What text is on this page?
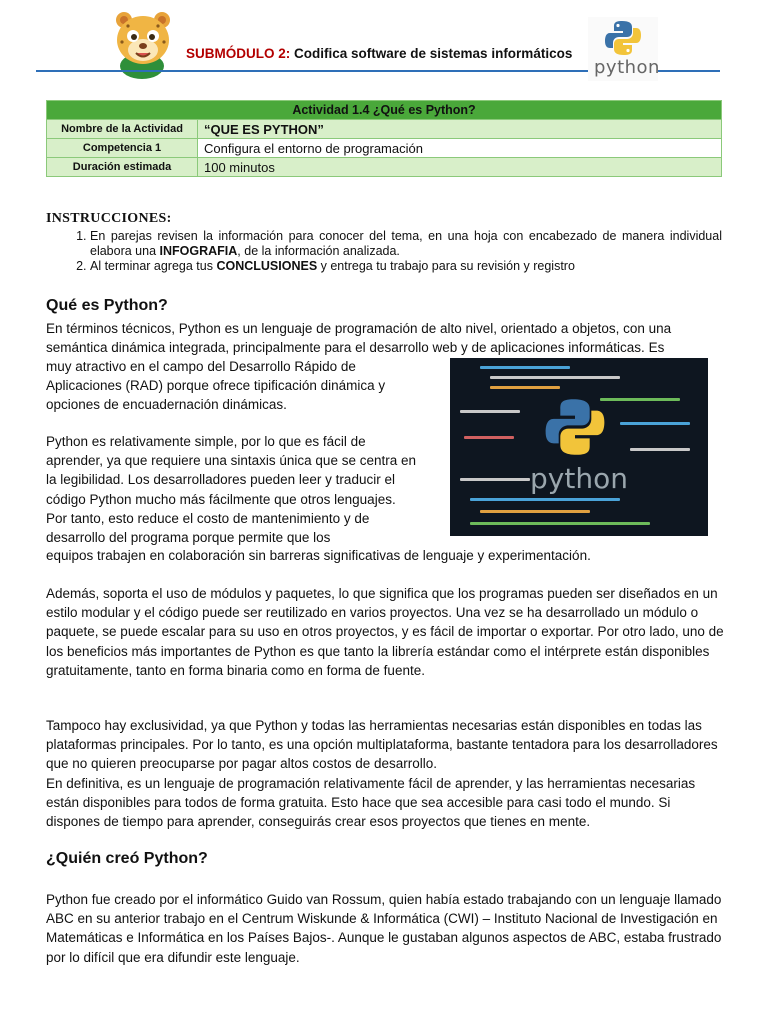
SUBMÓDULO 2: Codifica software de sistemas informáticos
python
Actividad 1.4 ¿Qué es Python?	
Nombre de la Actividad	“QUE ES PYTHON”
Competencia 1	Configura el entorno de programación
Duración estimada	100 minutos
INSTRUCCIONES:
1. En parejas revisen la información para conocer del tema, en una hoja con encabezado de manera individual elabora una INFOGRAFIA, de la información analizada.
2. Al terminar agrega tus CONCLUSIONES y entrega tu trabajo para su revisión y registro
Qué es Python?

En términos técnicos, Python es un lenguaje de programación de alto nivel, orientado a objetos, con una semántica dinámica integrada, principalmente para el desarrollo web y de aplicaciones informáticas. Es

muy atractivo en el campo del Desarrollo Rápido de Aplicaciones (RAD) porque ofrece tipificación dinámica y opciones de encuadernación dinámicas.

Python es relativamente simple, por lo que es fácil de aprender, ya que requiere una sintaxis única que se centra en la legibilidad. Los desarrolladores pueden leer y traducir el código Python mucho más fácilmente que otros lenguajes. Por tanto, esto reduce el costo de mantenimiento y de desarrollo del programa porque permite que los

equipos trabajen en colaboración sin barreras significativas de lenguaje y experimentación.

python

Además, soporta el uso de módulos y paquetes, lo que significa que los programas pueden ser diseñados en un estilo modular y el código puede ser reutilizado en varios proyectos. Una vez se ha desarrollado un módulo o paquete, se puede escalar para su uso en otros proyectos, y es fácil de importar o exportar. Por otro lado, uno de los beneficios más importantes de Python es que tanto la librería estándar como el intérprete están disponibles gratuitamente, tanto en forma binaria como en forma de fuente.

Tampoco hay exclusividad, ya que Python y todas las herramientas necesarias están disponibles en todas las plataformas principales. Por lo tanto, es una opción multiplataforma, bastante tentadora para los desarrolladores que no quieren preocuparse por pagar altos costos de desarrollo.

En definitiva, es un lenguaje de programación relativamente fácil de aprender, y las herramientas necesarias están disponibles para todos de forma gratuita. Esto hace que sea accesible para casi todo el mundo. Si dispones de tiempo para aprender, conseguirás crear esos proyectos que tienes en mente.

¿Quién creó Python?

Python fue creado por el informático Guido van Rossum, quien había estado trabajando con un lenguaje llamado ABC en su anterior trabajo en el Centrum Wiskunde & Informática (CWI) – Instituto Nacional de Investigación en Matemáticas e Informática en los Países Bajos-. Aunque le gustaban algunos aspectos de ABC, estaba frustrado por lo difícil que era difundir este lenguaje.
